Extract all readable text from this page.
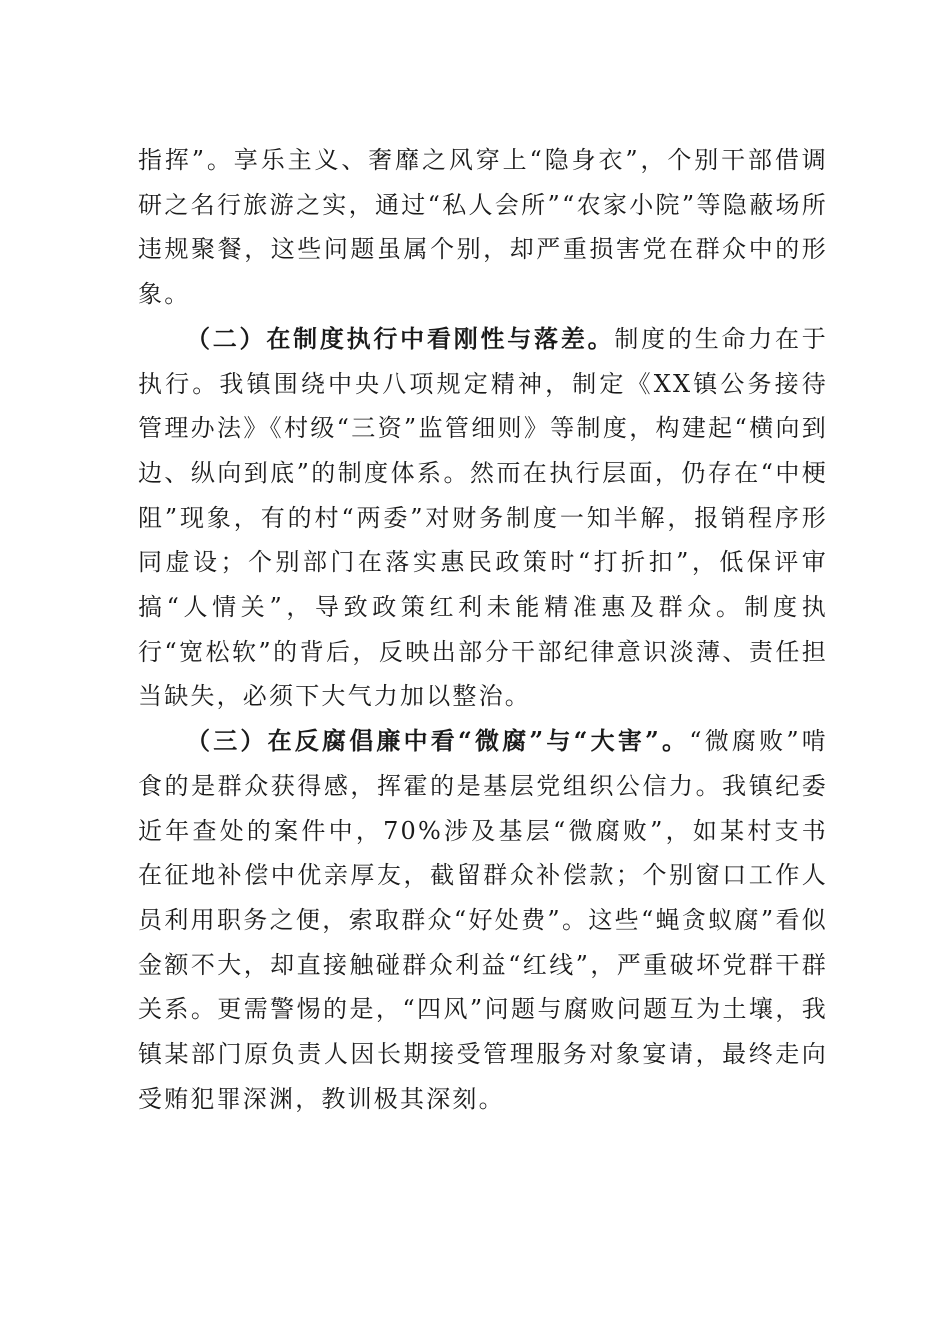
指挥”。享乐主义、奢靡之风穿上“隐身衣”，个别干部借调研之名行旅游之实，通过“私人会所”“农家小院”等隐蔽场所违规聚餐，这些问题虽属个别，却严重损害党在群众中的形象。

（二）在制度执行中看刚性与落差。制度的生命力在于执行。我镇围绕中央八项规定精神，制定《XX镇公务接待管理办法》《村级“三资”监管细则》等制度，构建起“横向到边、纵向到底”的制度体系。然而在执行层面，仍存在“中梗阻”现象，有的村“两委”对财务制度一知半解，报销程序形同虚设；个别部门在落实惠民政策时“打折扣”，低保评审搞“人情关”，导致政策红利未能精准惠及群众。制度执行“宽松软”的背后，反映出部分干部纪律意识淡薄、责任担当缺失，必须下大气力加以整治。

（三）在反腐倡廉中看“微腐”与“大害”。“微腐败”啃食的是群众获得感，挥霍的是基层党组织公信力。我镇纪委近年查处的案件中，70%涉及基层“微腐败”，如某村支书在征地补偿中优亲厚友，截留群众补偿款；个别窗口工作人员利用职务之便，索取群众“好处费”。这些“蝇贪蚁腐”看似金额不大，却直接触碰群众利益“红线”，严重破坏党群干群关系。更需警惕的是，“四风”问题与腐败问题互为土壤，我镇某部门原负责人因长期接受管理服务对象宴请，最终走向受贿犯罪深渊，教训极其深刻。
